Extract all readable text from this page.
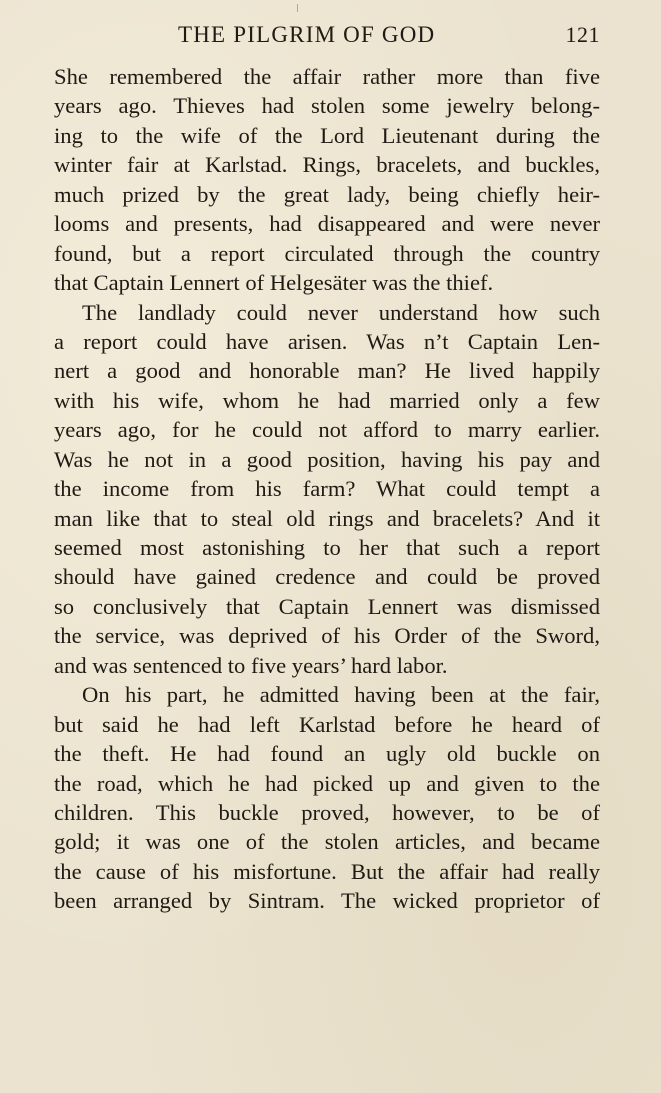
THE PILGRIM OF GOD	121
She remembered the affair rather more than five
years ago. Thieves had stolen some jewelry belong-
ing to the wife of the Lord Lieutenant during the
winter fair at Karlstad. Rings, bracelets, and buckles,
much prized by the great lady, being chiefly heir-
looms and presents, had disappeared and were never
found, but a report circulated through the country
that Captain Lennert of Helgesäter was the thief.
The landlady could never understand how such
a report could have arisen. Was n’t Captain Len-
nert a good and honorable man? He lived happily
with his wife, whom he had married only a few
years ago, for he could not afford to marry earlier.
Was he not in a good position, having his pay and
the income from his farm? What could tempt a
man like that to steal old rings and bracelets? And it
seemed most astonishing to her that such a report
should have gained credence and could be proved
so conclusively that Captain Lennert was dismissed
the service, was deprived of his Order of the Sword,
and was sentenced to five years’ hard labor.
On his part, he admitted having been at the fair,
but said he had left Karlstad before he heard of
the theft. He had found an ugly old buckle on
the road, which he had picked up and given to the
children. This buckle proved, however, to be of
gold; it was one of the stolen articles, and became
the cause of his misfortune. But the affair had really
been arranged by Sintram. The wicked proprietor of
